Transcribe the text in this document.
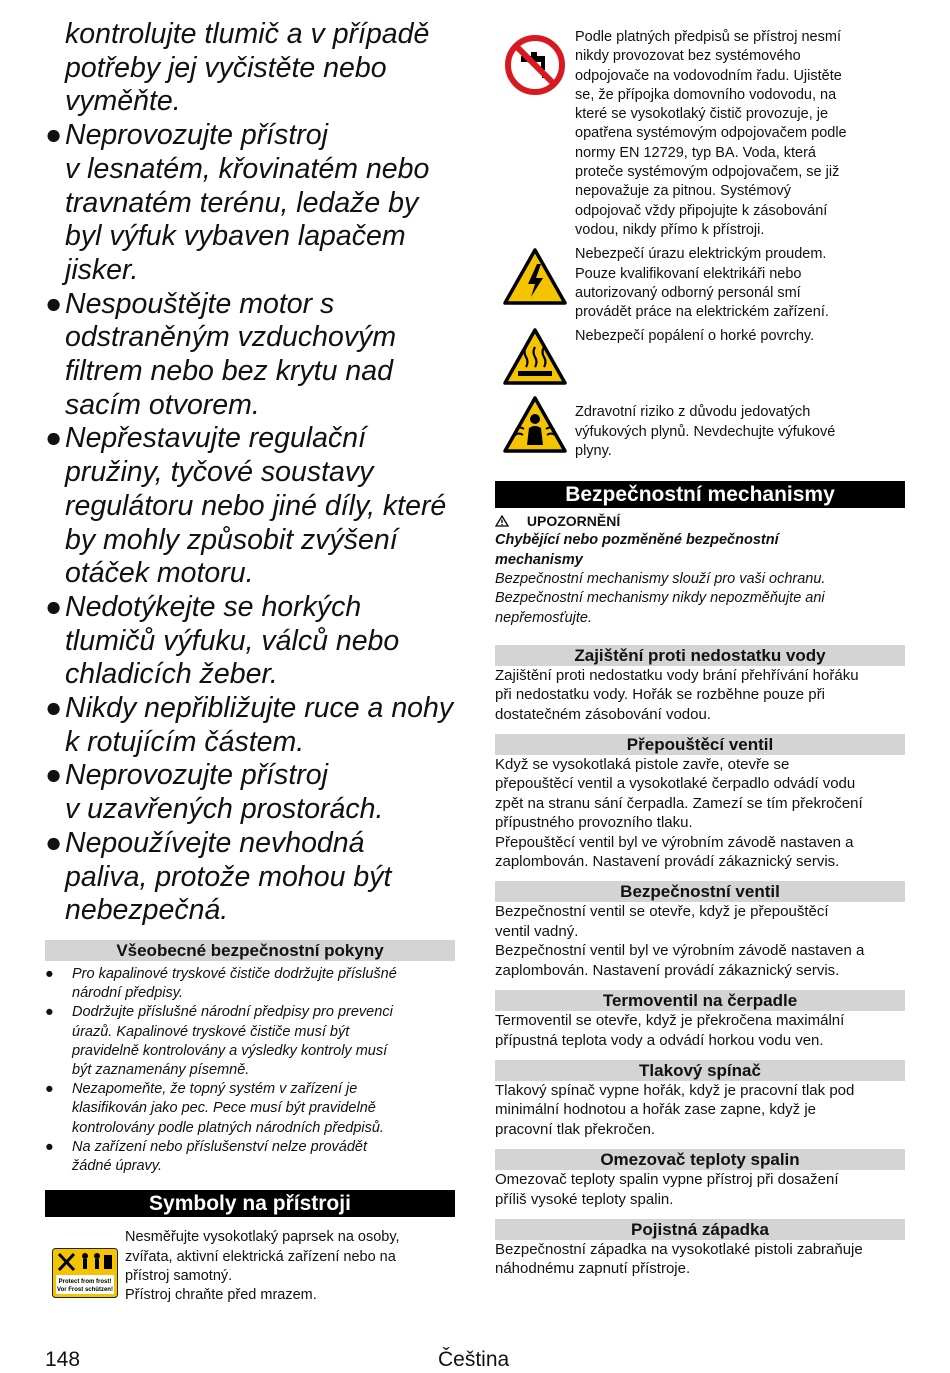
kontrolujte tlumič a v případě

potřeby jej vyčistěte nebo

vyměňte.

● Neprovozujte přístroj

v lesnatém, křovinatém nebo

travnatém terénu, ledaže by

byl výfuk vybaven lapačem

jisker.

● Nespouštějte motor s

odstraněným vzduchovým

filtrem nebo bez krytu nad

sacím otvorem.

● Nepřestavujte regulační

pružiny, tyčové soustavy

regulátoru nebo jiné díly, které

by mohly způsobit zvýšení

otáček motoru.

● Nedotýkejte se horkých

tlumičů výfuku, válců nebo

chladicích žeber.

● Nikdy nepřibližujte ruce a nohy

k rotujícím částem.

● Neprovozujte přístroj

v uzavřených prostorách.

● Nepoužívejte nevhodná

paliva, protože mohou být

nebezpečná.

Všeobecné bezpečnostní pokyny
● Pro kapalinové tryskové čističe dodržujte příslušné
národní předpisy.
● Dodržujte příslušné národní předpisy pro prevenci
úrazů. Kapalinové tryskové čističe musí být
pravidelně kontrolovány a výsledky kontroly musí
být zaznamenány písemně.
● Nezapomeňte, že topný systém v zařízení je
klasifikován jako pec. Pece musí být pravidelně
kontrolovány podle platných národních předpisů.
● Na zařízení nebo příslušenství nelze provádět
žádné úpravy.
Symboly na přístroji
Protect from frost!
Vor Frost schützen!
Nesměřujte vysokotlaký paprsek na osoby,
zvířata, aktivní elektrická zařízení nebo na
přístroj samotný.
Přístroj chraňte před mrazem.
Podle platných předpisů se přístroj nesmí
nikdy provozovat bez systémového
odpojovače na vodovodním řadu. Ujistěte
se, že přípojka domovního vodovodu, na
které se vysokotlaký čistič provozuje, je
opatřena systémovým odpojovačem podle
normy EN 12729, typ BA. Voda, která
proteče systémovým odpojovačem, se již
nepovažuje za pitnou. Systémový
odpojovač vždy připojujte k zásobování
vodou, nikdy přímo k přístroji.
Nebezpečí úrazu elektrickým proudem.
Pouze kvalifikovaní elektrikáři nebo
autorizovaný odborný personál smí
provádět práce na elektrickém zařízení.
Nebezpečí popálení o horké povrchy.
Zdravotní riziko z důvodu jedovatých
výfukových plynů. Nevdechujte výfukové
plyny.
Bezpečnostní mechanismy
UPOZORNĚNÍ
Chybějící nebo pozměněné bezpečnostní
mechanismy
Bezpečnostní mechanismy slouží pro vaši ochranu.
Bezpečnostní mechanismy nikdy nepozměňujte ani
nepřemosťujte.
Zajištění proti nedostatku vody
Zajištění proti nedostatku vody brání přehřívání hořáku
při nedostatku vody. Hořák se rozběhne pouze při
dostatečném zásobování vodou.
Přepouštěcí ventil
Když se vysokotlaká pistole zavře, otevře se
přepouštěcí ventil a vysokotlaké čerpadlo odvádí vodu
zpět na stranu sání čerpadla. Zamezí se tím překročení
přípustného provozního tlaku.
Přepouštěcí ventil byl ve výrobním závodě nastaven a
zaplombován. Nastavení provádí zákaznický servis.
Bezpečnostní ventil
Bezpečnostní ventil se otevře, když je přepouštěcí
ventil vadný.
Bezpečnostní ventil byl ve výrobním závodě nastaven a
zaplombován. Nastavení provádí zákaznický servis.
Termoventil na čerpadle
Termoventil se otevře, když je překročena maximální
přípustná teplota vody a odvádí horkou vodu ven.
Tlakový spínač
Tlakový spínač vypne hořák, když je pracovní tlak pod
minimální hodnotou a hořák zase zapne, když je
pracovní tlak překročen.
Omezovač teploty spalin
Omezovač teploty spalin vypne přístroj při dosažení
příliš vysoké teploty spalin.
Pojistná západka
Bezpečnostní západka na vysokotlaké pistoli zabraňuje
náhodnému zapnutí přístroje.
148	Čeština
